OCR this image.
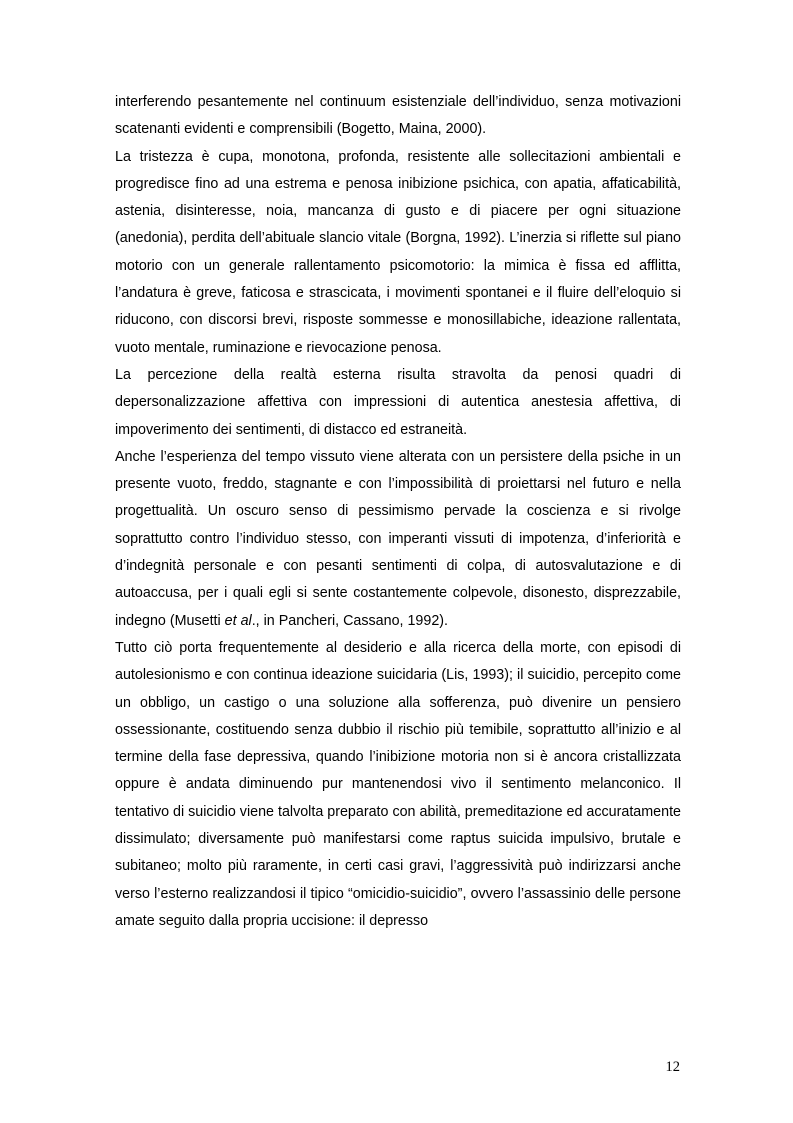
interferendo pesantemente nel continuum esistenziale dell’individuo, senza motivazioni scatenanti evidenti e comprensibili (Bogetto, Maina, 2000).

La tristezza è cupa, monotona, profonda, resistente alle sollecitazioni ambientali e progredisce fino ad una estrema e penosa inibizione psichica, con apatia, affaticabilità, astenia, disinteresse, noia, mancanza di gusto e di piacere per ogni situazione (anedonia), perdita dell’abituale slancio vitale (Borgna, 1992). L’inerzia si riflette sul piano motorio con un generale rallentamento psicomotorio: la mimica è fissa ed afflitta, l’andatura è greve, faticosa e strascicata, i movimenti spontanei e il fluire dell’eloquio si riducono, con discorsi brevi, risposte sommesse e monosillabiche, ideazione rallentata, vuoto mentale, ruminazione e rievocazione penosa.

La percezione della realtà esterna risulta stravolta da penosi quadri di depersonalizzazione affettiva con impressioni di autentica anestesia affettiva, di impoverimento dei sentimenti, di distacco ed estraneità.

Anche l’esperienza del tempo vissuto viene alterata con un persistere della psiche in un presente vuoto, freddo, stagnante e con l’impossibilità di proiettarsi nel futuro e nella progettualità. Un oscuro senso di pessimismo pervade la coscienza e si rivolge soprattutto contro l’individuo stesso, con imperanti vissuti di impotenza, d’inferiorità e d’indegnità personale e con pesanti sentimenti di colpa, di autosvalutazione e di autoaccusa, per i quali egli si sente costantemente colpevole, disonesto, disprezzabile, indegno (Musetti et al., in Pancheri, Cassano, 1992).

Tutto ciò porta frequentemente al desiderio e alla ricerca della morte, con episodi di autolesionismo e con continua ideazione suicidaria (Lis, 1993); il suicidio, percepito come un obbligo, un castigo o una soluzione alla sofferenza, può divenire un pensiero ossessionante, costituendo senza dubbio il rischio più temibile, soprattutto all’inizio e al termine della fase depressiva, quando l’inibizione motoria non si è ancora cristallizzata oppure è andata diminuendo pur mantenendosi vivo il sentimento melanconico. Il tentativo di suicidio viene talvolta preparato con abilità, premeditazione ed accuratamente dissimulato; diversamente può manifestarsi come raptus suicida impulsivo, brutale e subitaneo; molto più raramente, in certi casi gravi, l’aggressività può indirizzarsi anche verso l’esterno realizzandosi il tipico “omicidio-suicidio”, ovvero l’assassinio delle persone amate seguito dalla propria uccisione: il depresso

12
